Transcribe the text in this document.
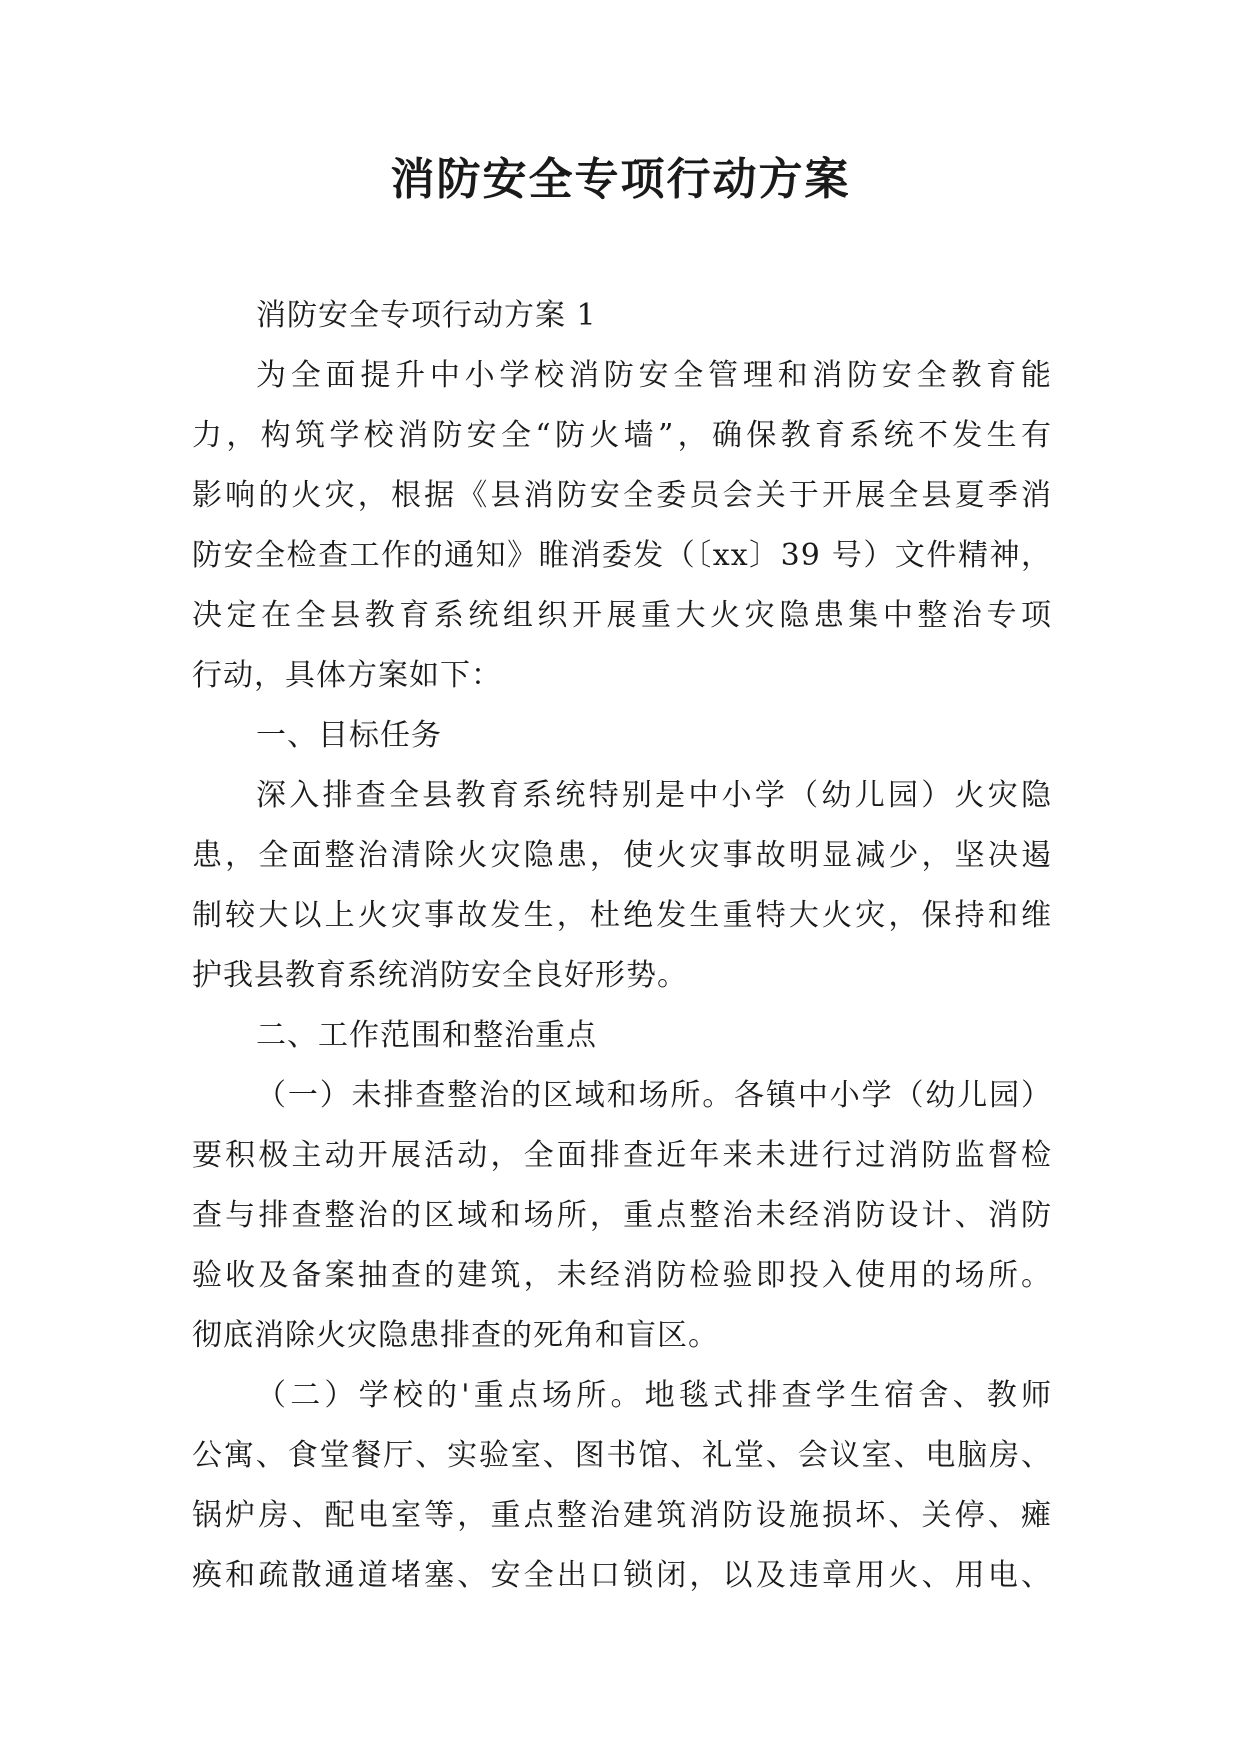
消防安全专项行动方案
消防安全专项行动方案 1
为全面提升中小学校消防安全管理和消防安全教育能
力，构筑学校消防安全“防火墙”，确保教育系统不发生有
影响的火灾，根据《县消防安全委员会关于开展全县夏季消
防安全检查工作的通知》睢消委发（〔xx〕39 号）文件精神，
决定在全县教育系统组织开展重大火灾隐患集中整治专项
行动，具体方案如下：
一、目标任务
深入排查全县教育系统特别是中小学（幼儿园）火灾隐
患，全面整治清除火灾隐患，使火灾事故明显减少，坚决遏
制较大以上火灾事故发生，杜绝发生重特大火灾，保持和维
护我县教育系统消防安全良好形势。
二、工作范围和整治重点
（一）未排查整治的区域和场所。各镇中小学（幼儿园）
要积极主动开展活动，全面排查近年来未进行过消防监督检
查与排查整治的区域和场所，重点整治未经消防设计、消防
验收及备案抽查的建筑，未经消防检验即投入使用的场所。
彻底消除火灾隐患排查的死角和盲区。
（二）学校的'重点场所。地毯式排查学生宿舍、教师
公寓、食堂餐厅、实验室、图书馆、礼堂、会议室、电脑房、
锅炉房、配电室等，重点整治建筑消防设施损坏、关停、瘫
痪和疏散通道堵塞、安全出口锁闭，以及违章用火、用电、
